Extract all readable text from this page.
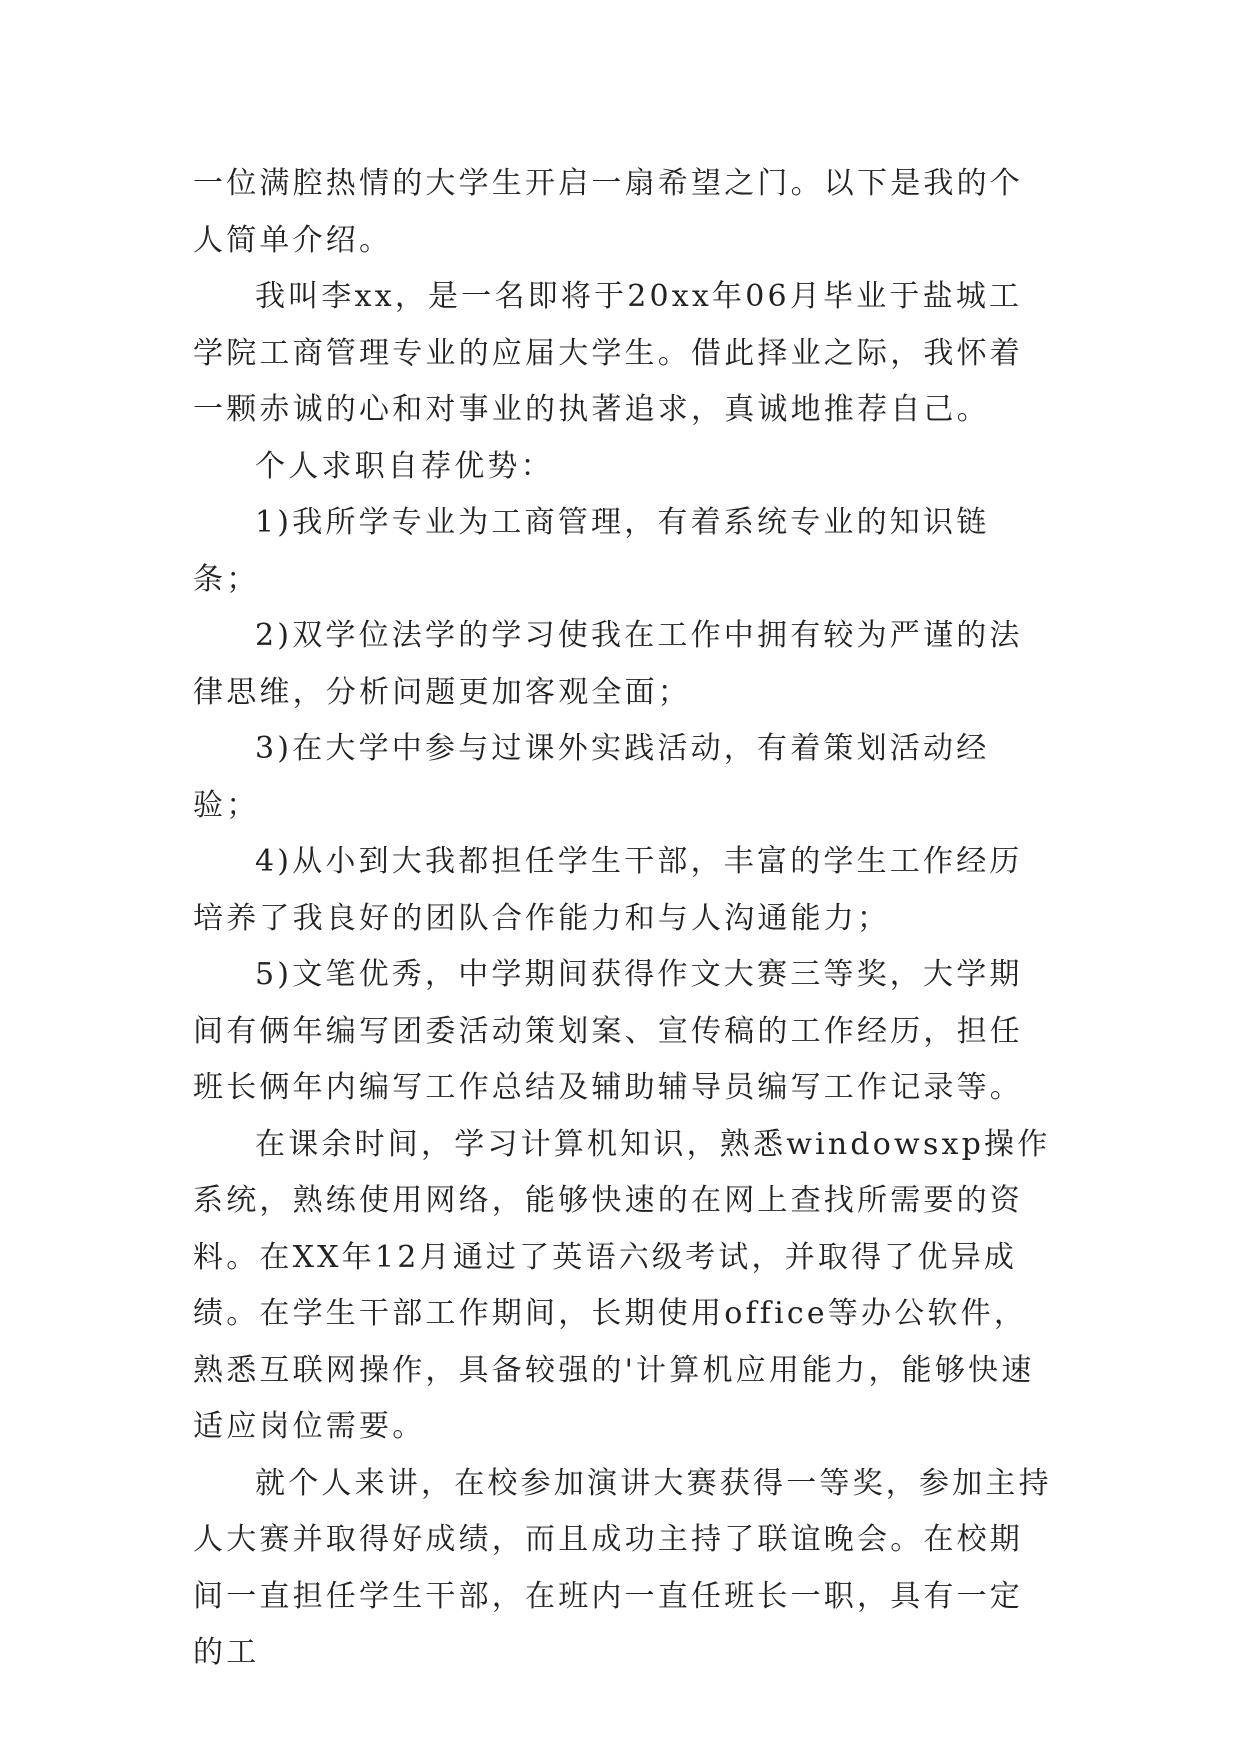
一位满腔热情的大学生开启一扇希望之门。以下是我的个人简单介绍。

我叫李xx，是一名即将于20xx年06月毕业于盐城工学院工商管理专业的应届大学生。借此择业之际，我怀着一颗赤诚的心和对事业的执著追求，真诚地推荐自己。

个人求职自荐优势：

1)我所学专业为工商管理，有着系统专业的知识链条；

2)双学位法学的学习使我在工作中拥有较为严谨的法律思维，分析问题更加客观全面；

3)在大学中参与过课外实践活动，有着策划活动经验；

4)从小到大我都担任学生干部，丰富的学生工作经历培养了我良好的团队合作能力和与人沟通能力；

5)文笔优秀，中学期间获得作文大赛三等奖，大学期间有俩年编写团委活动策划案、宣传稿的工作经历，担任班长俩年内编写工作总结及辅助辅导员编写工作记录等。

在课余时间，学习计算机知识，熟悉windowsxp操作系统，熟练使用网络，能够快速的在网上查找所需要的资料。在XX年12月通过了英语六级考试，并取得了优异成绩。在学生干部工作期间，长期使用office等办公软件，熟悉互联网操作，具备较强的'计算机应用能力，能够快速适应岗位需要。

就个人来讲，在校参加演讲大赛获得一等奖，参加主持人大赛并取得好成绩，而且成功主持了联谊晚会。在校期间一直担任学生干部，在班内一直任班长一职，具有一定的工
